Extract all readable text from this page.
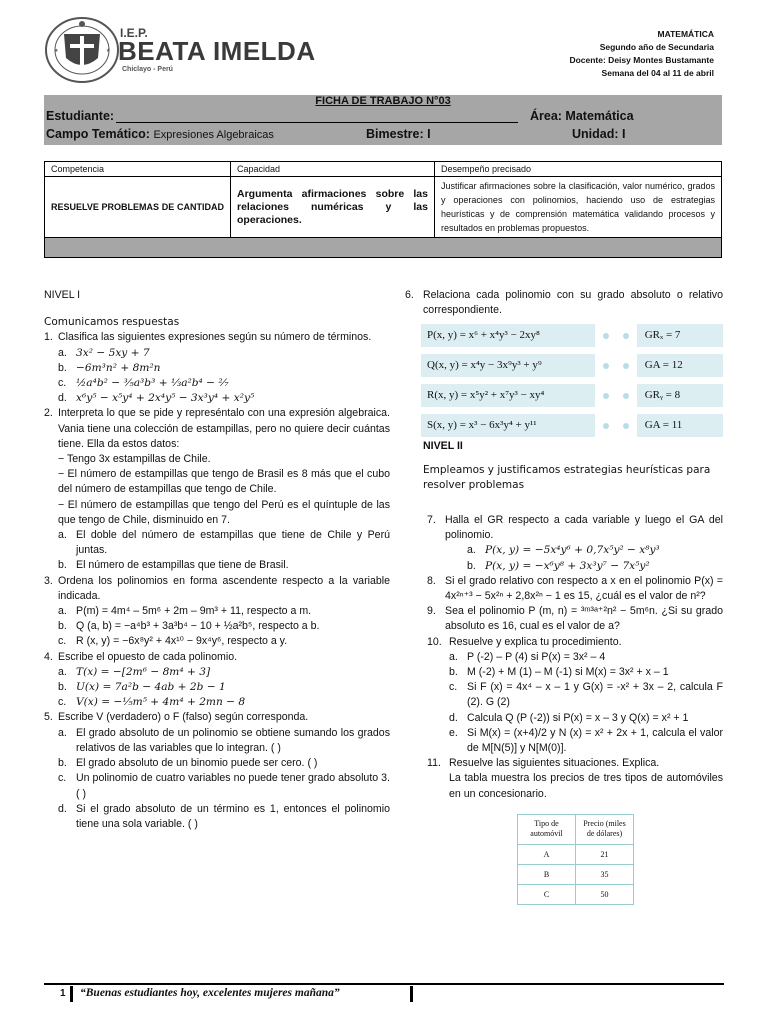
★	★
I.E.P.
BEATA IMELDA
Chiclayo - Perú
MATEMÁTICA
Segundo año de Secundaria
Docente: Deisy Montes Bustamante
Semana del 04 al 11 de abril
FICHA DE TRABAJO N°03
Estudiante:	Área: Matemática
Campo Temático: Expresiones Algebraicas	Bimestre: I	Unidad: I
Competencia	Capacidad	Desempeño precisado
RESUELVE PROBLEMAS DE CANTIDAD	Argumenta afirmaciones sobre las relaciones numéricas y las operaciones.	Justificar afirmaciones sobre la clasificación, valor numérico, grados y operaciones con polinomios, haciendo uso de estrategias heurísticas y de comprensión matemática validando procesos y resultados en problemas propuestos.

NIVEL I
Comunicamos respuestas
1. Clasifica las siguientes expresiones según su número de términos.
a. 3x² − 5xy + 7
b. −6m³n² + 8m²n
c. ½a⁴b² − ⅗a³b³ + ⅓a²b⁴ − ²⁄₇
d. x⁶y⁵ − x⁵y⁴ + 2x⁴y⁵ − 3x³y⁴ + x²y⁵
2. Interpreta lo que se pide y represéntalo con una expresión algebraica. Vania tiene una colección de estampillas, pero no quiere decir cuántas tiene. Ella da estos datos:
− Tengo 3x estampillas de Chile.
− El número de estampillas que tengo de Brasil es 8 más que el cubo del número de estampillas que tengo de Chile.
− El número de estampillas que tengo del Perú es el quíntuple de las que tengo de Chile, disminuido en 7.
a. El doble del número de estampillas que tiene de Chile y Perú juntas.
b. El número de estampillas que tiene de Brasil.
3. Ordena los polinomios en forma ascendente respecto a la variable indicada.
a. P(m) = 4m⁴ – 5m⁶ + 2m – 9m³ + 11, respecto a m.
b. Q (a, b) = −a⁴b³ + 3a³b⁴ − 10 + ½a²b⁵, respecto a b.
c. R (x, y) = −6x⁸y² + 4x¹⁰ − 9x⁴y⁶, respecto a y.
4. Escribe el opuesto de cada polinomio.
a. T(x) = −[2m⁶ − 8m⁴ + 3]
b. U(x) = 7a²b − 4ab + 2b − 1
c. V(x) = −⅕m⁵ + 4m⁴ + 2mn − 8
5. Escribe V (verdadero) o F (falso) según corresponda.
a. El grado absoluto de un polinomio se obtiene sumando los grados relativos de las variables que lo integran. ( )
b. El grado absoluto de un binomio puede ser cero. ( )
c. Un polinomio de cuatro variables no puede tener grado absoluto 3. ( )
d. Si el grado absoluto de un término es 1, entonces el polinomio tiene una sola variable. ( )
6. Relaciona cada polinomio con su grado absoluto o relativo correspondiente.
P(x, y) = x⁶ + x⁴y³ − 2xy⁸	GRₓ = 7
Q(x, y) = x⁴y − 3x⁹y³ + y⁹	GA = 12
R(x, y) = x⁵y² + x⁷y³ − xy⁴	GRᵧ = 8
S(x, y) = x³ − 6x³y⁴ + y¹¹	GA = 11
NIVEL II
Empleamos y justificamos estrategias heurísticas para resolver problemas
7. Halla el GR respecto a cada variable y luego el GA del polinomio.
a. P(x, y) = −5x⁴y⁶ + 0,7x⁵y² − x⁸y³
b. P(x, y) = −x⁶y⁸ + 3x³y⁷ − 7x⁵y²
8. Si el grado relativo con respecto a x en el polinomio P(x) = 4x²ⁿ⁺³ − 5x²ⁿ + 2,8x²ⁿ − 1 es 15, ¿cuál es el valor de n²?
9. Sea el polinomio P (m, n) = ³ᵐ³ᵃ⁺²n² − 5m⁶n. ¿Si su grado absoluto es 16, cual es el valor de a?
10. Resuelve y explica tu procedimiento.
a. P (-2) – P (4) si P(x) = 3x² – 4
b. M (-2) + M (1) – M (-1) si M(x) = 3x² + x – 1
c. Si F (x) = 4x⁴ – x – 1 y G(x) = -x² + 3x – 2, calcula F (2). G (2)
d. Calcula Q (P (-2)) si P(x) = x – 3 y Q(x) = x² + 1
e. Si M(x) = (x+4)/2 y N (x) = x² + 2x + 1, calcula el valor de M[N(5)] y N[M(0)].
11. Resuelve las siguientes situaciones. Explica.
La tabla muestra los precios de tres tipos de automóviles en un concesionario.
Tipo de automóvil	Precio (miles de dólares)
A	21
B	35
C	50
1 “Buenas estudiantes hoy, excelentes mujeres mañana”
